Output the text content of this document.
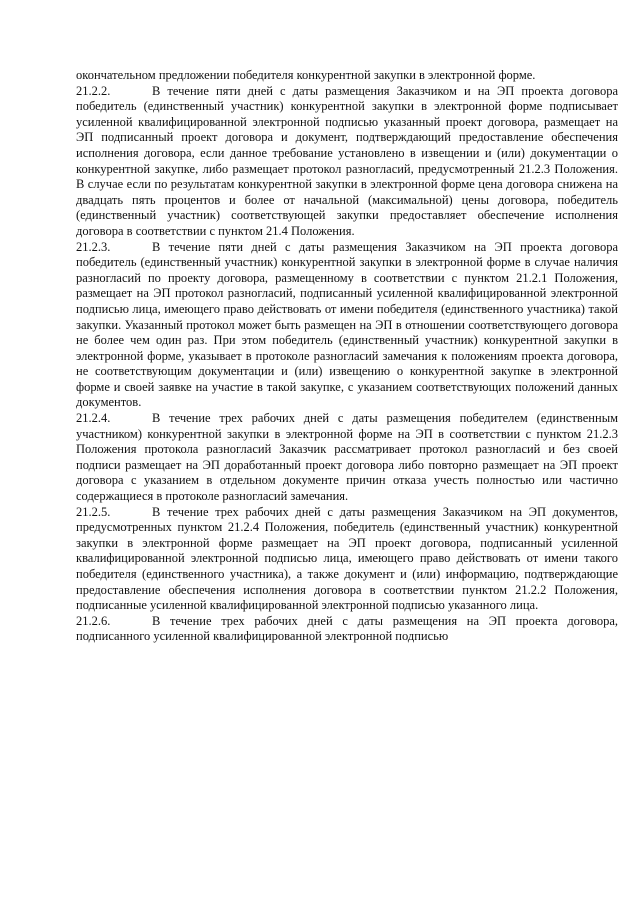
окончательном предложении победителя конкурентной закупки в электронной форме.

21.2.2.	В течение пяти дней с даты размещения Заказчиком и на ЭП проекта договора победитель (единственный участник) конкурентной закупки в электронной форме подписывает усиленной квалифицированной электронной подписью указанный проект договора, размещает на ЭП подписанный проект договора и документ, подтверждающий предоставление обеспечения исполнения договора, если данное требование установлено в извещении и (или) документации о конкурентной закупке, либо размещает протокол разногласий, предусмотренный 21.2.3 Положения. В случае если по результатам конкурентной закупки в электронной форме цена договора снижена на двадцать пять процентов и более от начальной (максимальной) цены договора, победитель (единственный участник) соответствующей закупки предоставляет обеспечение исполнения договора в соответствии с пунктом 21.4 Положения.

21.2.3.	В течение пяти дней с даты размещения Заказчиком на ЭП проекта договора победитель (единственный участник) конкурентной закупки в электронной форме в случае наличия разногласий по проекту договора, размещенному в соответствии с пунктом 21.2.1 Положения, размещает на ЭП протокол разногласий, подписанный усиленной квалифицированной электронной подписью лица, имеющего право действовать от имени победителя (единственного участника) такой закупки. Указанный протокол может быть размещен на ЭП в отношении соответствующего договора не более чем один раз. При этом победитель (единственный участник) конкурентной закупки в электронной форме, указывает в протоколе разногласий замечания к положениям проекта договора, не соответствующим документации и (или) извещению о конкурентной закупке в электронной форме и своей заявке на участие в такой закупке, с указанием соответствующих положений данных документов.

21.2.4.	В течение трех рабочих дней с даты размещения победителем (единственным участником) конкурентной закупки в электронной форме на ЭП в соответствии с пунктом 21.2.3 Положения протокола разногласий Заказчик рассматривает протокол разногласий и без своей подписи размещает на ЭП доработанный проект договора либо повторно размещает на ЭП проект договора с указанием в отдельном документе причин отказа учесть полностью или частично содержащиеся в протоколе разногласий замечания.

21.2.5.	В течение трех рабочих дней с даты размещения Заказчиком на ЭП документов, предусмотренных пунктом 21.2.4 Положения, победитель (единственный участник) конкурентной закупки в электронной форме размещает на ЭП проект договора, подписанный усиленной квалифицированной электронной подписью лица, имеющего право действовать от имени такого победителя (единственного участника), а также документ и (или) информацию, подтверждающие предоставление обеспечения исполнения договора в соответствии пунктом 21.2.2 Положения, подписанные усиленной квалифицированной электронной подписью указанного лица.

21.2.6.	В течение трех рабочих дней с даты размещения на ЭП проекта договора, подписанного усиленной квалифицированной электронной подписью
